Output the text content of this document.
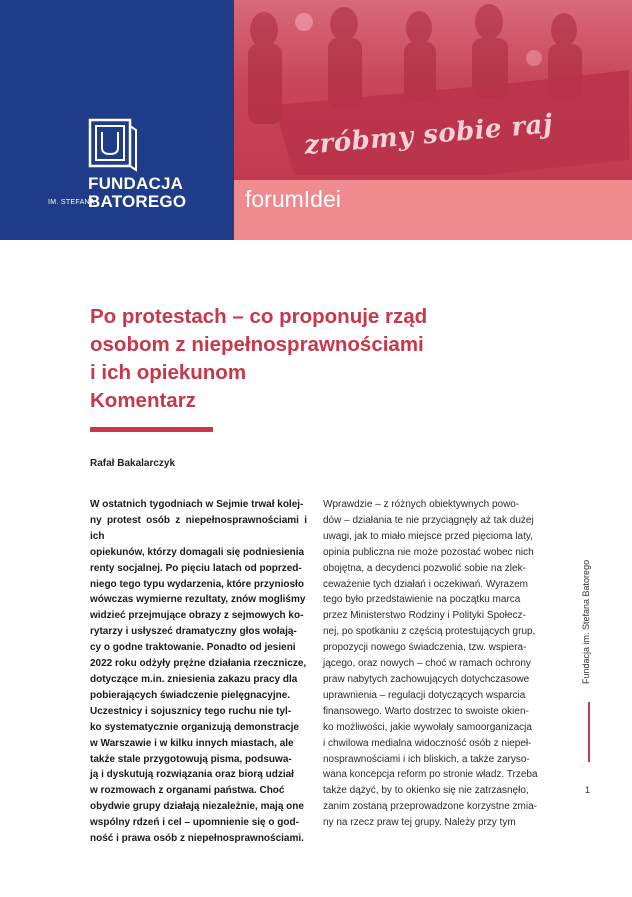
FUNDACJA
BATOREGO
IM. STEFANA
zróbmy sobie raj
forumIdei
Po protestach – co proponuje rząd
osobom z niepełnosprawnościami
i ich opiekunom
Komentarz
Rafał Bakalarczyk
W ostatnich tygodniach w Sejmie trwał kolej-
ny protest osób z niepełnosprawnościami i ich
opiekunów, którzy domagali się podniesienia
renty socjalnej. Po pięciu latach od poprzed-
niego tego typu wydarzenia, które przyniosło
wówczas wymierne rezultaty, znów mogliśmy
widzieć przejmujące obrazy z sejmowych ko-
rytarzy i usłyszeć dramatyczny głos wołają-
cy o godne traktowanie. Ponadto od jesieni
2022 roku odżyły prężne działania rzecznicze,
dotyczące m.in. zniesienia zakazu pracy dla
pobierających świadczenie pielęgnacyjne.
Uczestnicy i sojusznicy tego ruchu nie tyl-
ko systematycznie organizują demonstracje
w Warszawie i w kilku innych miastach, ale
także stale przygotowują pisma, podsuwa-
ją i dyskutują rozwiązania oraz biorą udział
w rozmowach z organami państwa. Choć
obydwie grupy działają niezależnie, mają one
wspólny rdzeń i cel – upomnienie się o god-
ność i prawa osób z niepełnosprawnościami.
Wprawdzie – z różnych obiektywnych powo-
dów – działania te nie przyciągnęły aż tak dużej
uwagi, jak to miało miejsce przed pięcioma laty,
opinia publiczna nie może pozostać wobec nich
obojętna, a decydenci pozwolić sobie na zlek-
ceważenie tych działań i oczekiwań. Wyrazem
tego było przedstawienie na początku marca
przez Ministerstwo Rodziny i Polityki Społecz-
nej, po spotkaniu z częścią protestujących grup,
propozycji nowego świadczenia, tzw. wspiera-
jącego, oraz nowych – choć w ramach ochrony
praw nabytych zachowujących dotychczasowe
uprawnienia – regulacji dotyczących wsparcia
finansowego. Warto dostrzec to swoiste okien-
ko możliwości, jakie wywołały samoorganizacja
i chwilowa medialna widoczność osób z niepeł-
nosprawnościami i ich bliskich, a także zaryso-
wana koncepcja reform po stronie władz. Trzeba
także dążyć, by to okienko się nie zatrzasnęło,
zanim zostaną przeprowadzone korzystne zmia-
ny na rzecz praw tej grupy. Należy przy tym
Fundacja im. Stefana Batorego
1
